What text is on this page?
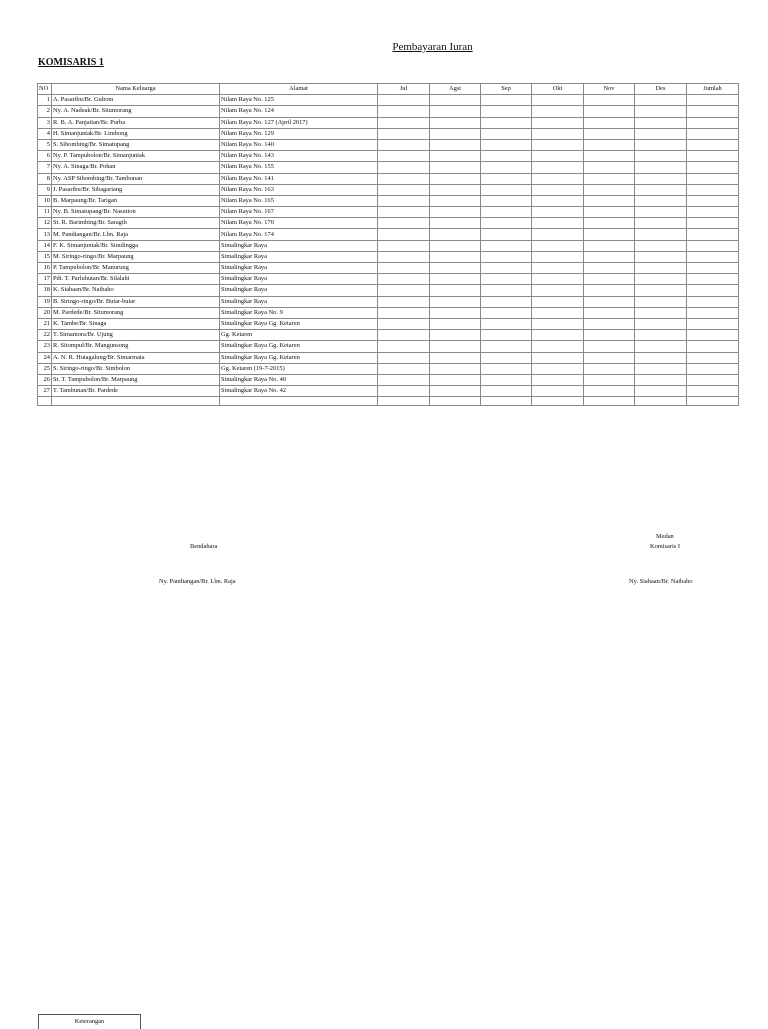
Pembayaran Iuran
KOMISARIS 1
NO	Nama Keluarga	Alamat	Jul	Agst	Sep	Okt	Nov	Des	Jumlah
1	A. Pasaribu/Br. Gultom	Nilam Raya No. 125							
2	Ny. A. Nadeak/Br. Situmorang	Nilam Raya No. 124							
3	R. B. A. Panjaitan/Br. Purba	Nilam Raya No. 127 (April 2017)							
4	H. Simanjuntak/Br. Limbong	Nilam Raya No. 129							
5	S. Sihombing/Br. Simatupang	Nilam Raya No. 140							
6	Ny. P. Tampubolon/Br. Simanjuntak	Nilam Raya No. 143							
7	Ny. A. Sinaga/Br. Pohan	Nilam Raya No. 155							
8	Ny. ASP Sihombing/Br. Tambunan	Nilam Raya No. 141							
9	J. Pasaribu/Br. Sibagariang	Nilam Raya No. 163							
10	B. Marpaung/Br. Tarigan	Nilam Raya No. 165							
11	Ny. B. Simatupang/Br. Nasution	Nilam Raya No. 167							
12	St. R. Barimbing/Br. Saragih	Nilam Raya No. 170							
13	M. Pandiangan/Br. Lbn. Raja	Nilam Raya No. 174							
14	F. K. Simanjuntak/Br. Sinulingga	Simalingkar Raya							
15	M. Siringo-ringo/Br. Marpaung	Simalingkar Raya							
16	P. Tampubolon/Br. Manurung	Simalingkar Raya							
17	Pdt. T. Parluhutan/Br. Silalahi	Simalingkar Raya							
18	K. Siahaan/Br. Naibaho	Simalingkar Raya							
19	B. Siringo-ringo/Br. Butar-butar	Simalingkar Raya							
20	M. Pardede/Br. Situmorang	Simalingkar Raya No. 9							
21	K. Tambe/Br. Sinaga	Simalingkar Raya Gg. Ketaren							
22	T. Simamora/Br. Ujung	Gg. Ketaren							
23	R. Sitompul/Br. Mangunsong	Simalingkar Raya Gg. Ketaren							
24	A. N. R. Hutagalung/Br. Simarmata	Simalingkar Raya Gg. Ketaren							
25	S. Siringo-ringo/Br. Simbolon	Gg. Ketaren (19-7-2015)							
26	St. T. Tampubolon/Br. Marpaung	Simalingkar Raya No. 40							
27	T. Tambunan/Br. Pardede	Simalingkar Raya No. 42							

Bendahara
Ny. Pandiangan/Br. Lbn. Raja
Medan
Komisaris I
Ny. Siahaan/Br. Naibaho
Keterangan
